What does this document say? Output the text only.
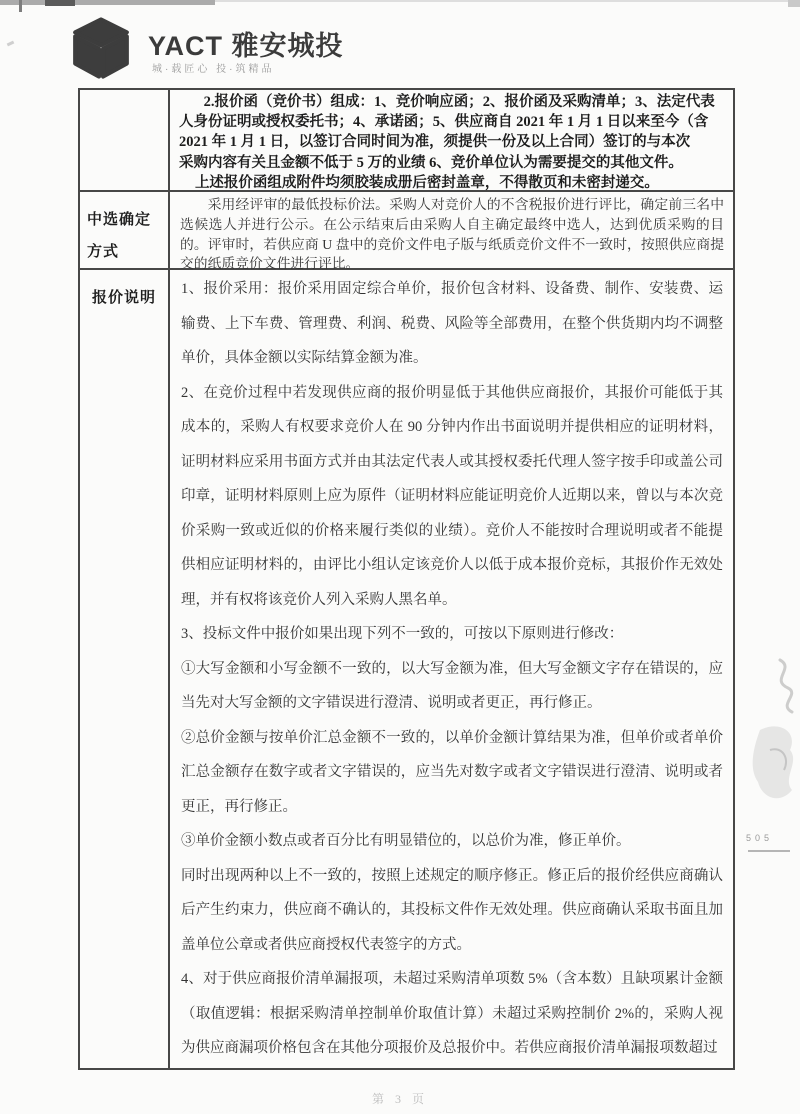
YACT 雅安城投
城·载匠心 投·筑精品
2.报价函（竞价书）组成：1、竞价响应函；2、报价函及采购清单；3、法定代表
人身份证明或授权委托书；4、承诺函；5、供应商自 2021 年 1 月 1 日以来至今（含
2021 年 1 月 1 日，以签订合同时间为准，须提供一份及以上合同）签订的与本次
采购内容有关且金额不低于 5 万的业绩 6、竞价单位认为需要提交的其他文件。
上述报价函组成附件均须胶装成册后密封盖章，不得散页和未密封递交。
中选确定方式

采用经评审的最低投标价法。采购人对竞价人的不含税报价进行评比，确定前三名中选候选人并进行公示。在公示结束后由采购人自主确定最终中选人，达到优质采购的目的。评审时，若供应商 U 盘中的竞价文件电子版与纸质竞价文件不一致时，按照供应商提交的纸质竞价文件进行评比。

报价说明

1、报价采用：报价采用固定综合单价，报价包含材料、设备费、制作、安装费、运输费、上下车费、管理费、利润、税费、风险等全部费用，在整个供货期内均不调整单价，具体金额以实际结算金额为准。

2、在竞价过程中若发现供应商的报价明显低于其他供应商报价，其报价可能低于其成本的，采购人有权要求竞价人在 90 分钟内作出书面说明并提供相应的证明材料，证明材料应采用书面方式并由其法定代表人或其授权委托代理人签字按手印或盖公司印章，证明材料原则上应为原件（证明材料应能证明竞价人近期以来，曾以与本次竞价采购一致或近似的价格来履行类似的业绩）。竞价人不能按时合理说明或者不能提供相应证明材料的，由评比小组认定该竞价人以低于成本报价竞标，其报价作无效处理，并有权将该竞价人列入采购人黑名单。

3、投标文件中报价如果出现下列不一致的，可按以下原则进行修改：

①大写金额和小写金额不一致的，以大写金额为准，但大写金额文字存在错误的，应当先对大写金额的文字错误进行澄清、说明或者更正，再行修正。

②总价金额与按单价汇总金额不一致的，以单价金额计算结果为准，但单价或者单价汇总金额存在数字或者文字错误的，应当先对数字或者文字错误进行澄清、说明或者更正，再行修正。

③单价金额小数点或者百分比有明显错位的，以总价为准，修正单价。

同时出现两种以上不一致的，按照上述规定的顺序修正。修正后的报价经供应商确认后产生约束力，供应商不确认的，其投标文件作无效处理。供应商确认采取书面且加盖单位公章或者供应商授权代表签字的方式。

4、对于供应商报价清单漏报项，未超过采购清单项数 5%（含本数）且缺项累计金额（取值逻辑：根据采购清单控制单价取值计算）未超过采购控制价 2%的，采购人视为供应商漏项价格包含在其他分项报价及总报价中。若供应商报价清单漏报项数超过

505
第 3 页
